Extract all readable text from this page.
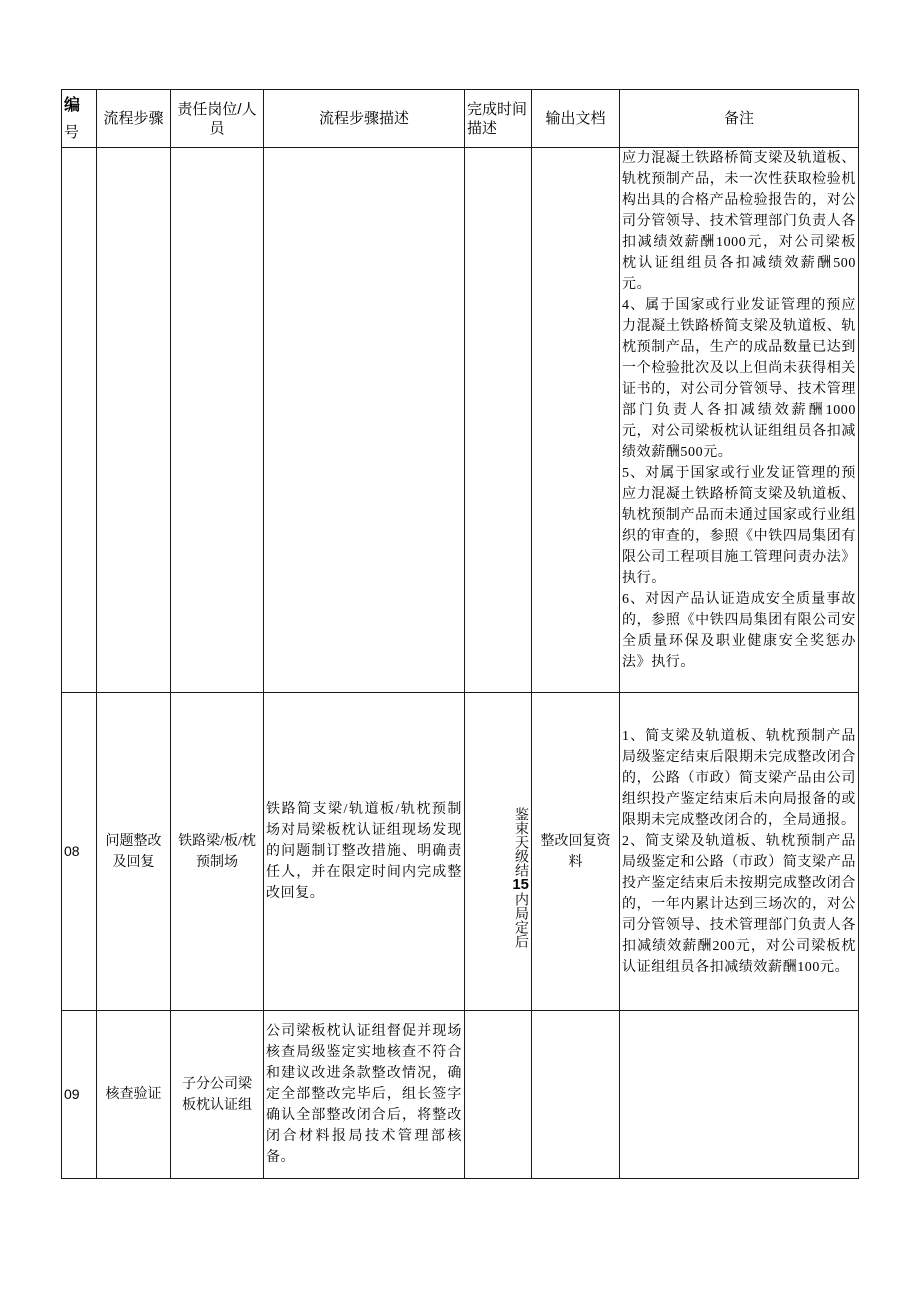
编号	流程步骤	责任岗位/人员	流程步骤描述	完成时间描述	输出文档	备注

						应力混凝土铁路桥简支梁及轨道板、轨枕预制产品，未一次性获取检验机构出具的合格产品检验报告的，对公司分管领导、技术管理部门负责人各扣减绩效薪酬1000元，对公司梁板枕认证组组员各扣减绩效薪酬500元。

4、属于国家或行业发证管理的预应力混凝土铁路桥简支梁及轨道板、轨枕预制产品，生产的成品数量已达到一个检验批次及以上但尚未获得相关证书的，对公司分管领导、技术管理部门负责人各扣减绩效薪酬1000元，对公司梁板枕认证组组员各扣减绩效薪酬500元。

5、对属于国家或行业发证管理的预应力混凝土铁路桥简支梁及轨道板、轨枕预制产品而未通过国家或行业组织的审查的，参照《中铁四局集团有限公司工程项目施工管理问责办法》执行。

6、对因产品认证造成安全质量事故的，参照《中铁四局集团有限公司安全质量环保及职业健康安全奖惩办法》执行。

08	问题整改及回复	铁路梁/板/枕预制场	铁路简支梁/轨道板/轨枕预制场对局梁板枕认证组现场发现的问题制订整改措施、明确责任人，并在限定时间内完成整改回复。	鉴束天级结15内局定后	整改回复资料	1、简支梁及轨道板、轨枕预制产品局级鉴定结束后限期未完成整改闭合的，公路（市政）简支梁产品由公司组织投产鉴定结束后未向局报备的或限期未完成整改闭合的，全局通报。

2、简支梁及轨道板、轨枕预制产品局级鉴定和公路（市政）简支梁产品投产鉴定结束后未按期完成整改闭合的，一年内累计达到三场次的，对公司分管领导、技术管理部门负责人各扣减绩效薪酬200元，对公司梁板枕认证组组员各扣减绩效薪酬100元。

09	核查验证	子分公司梁板枕认证组	公司梁板枕认证组督促并现场核查局级鉴定实地核查不符合和建议改进条款整改情况，确定全部整改完毕后，组长签字确认全部整改闭合后，将整改闭合材料报局技术管理部核备。			
